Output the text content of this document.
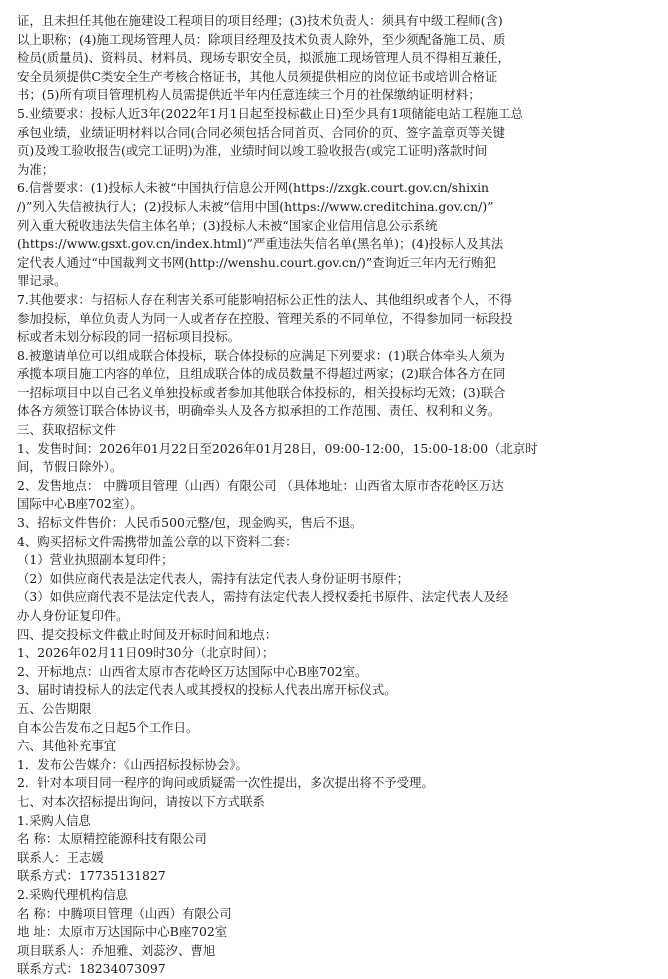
证，且未担任其他在施建设工程项目的项目经理；(3)技术负责人：须具有中级工程师(含)
以上职称；(4)施工现场管理人员：除项目经理及技术负责人除外，至少须配备施工员、质
检员(质量员)、资料员、材料员、现场专职安全员，拟派施工现场管理人员不得相互兼任，
安全员须提供C类安全生产考核合格证书，其他人员须提供相应的岗位证书或培训合格证
书；(5)所有项目管理机构人员需提供近半年内任意连续三个月的社保缴纳证明材料；
5.业绩要求：投标人近3年(2022年1月1日起至投标截止日)至少具有1项储能电站工程施工总
承包业绩，业绩证明材料以合同(合同必须包括合同首页、合同价的页、签字盖章页等关键
页)及竣工验收报告(或完工证明)为准，业绩时间以竣工验收报告(或完工证明)落款时间
为准；
6.信誉要求：(1)投标人未被“中国执行信息公开网(https://zxgk.court.gov.cn/shixin
/)”列入失信被执行人；(2)投标人未被“信用中国(https://www.creditchina.gov.cn/)”
列入重大税收违法失信主体名单；(3)投标人未被“国家企业信用信息公示系统
(https://www.gsxt.gov.cn/index.html)”严重违法失信名单(黑名单)；(4)投标人及其法
定代表人通过“中国裁判文书网(http://wenshu.court.gov.cn/)”查询近三年内无行贿犯
罪记录。
7.其他要求：与招标人存在利害关系可能影响招标公正性的法人、其他组织或者个人，不得
参加投标，单位负责人为同一人或者存在控股、管理关系的不同单位，不得参加同一标段投
标或者未划分标段的同一招标项目投标。
8.被邀请单位可以组成联合体投标，联合体投标的应满足下列要求：(1)联合体牵头人须为
承揽本项目施工内容的单位，且组成联合体的成员数量不得超过两家；(2)联合体各方在同
一招标项目中以自己名义单独投标或者参加其他联合体投标的，相关投标均无效；(3)联合
体各方须签订联合体协议书，明确牵头人及各方拟承担的工作范围、责任、权利和义务。
三、获取招标文件
1、发售时间：2026年01月22日至2026年01月28日，09:00-12:00，15:00-18:00（北京时
间，节假日除外）。
2、发售地点： 中腾项目管理（山西）有限公司 （具体地址：山西省太原市杏花岭区万达
国际中心B座702室）。
3、招标文件售价：人民币500元整/包，现金购买，售后不退。
4、购买招标文件需携带加盖公章的以下资料二套：
（1）营业执照副本复印件；
（2）如供应商代表是法定代表人，需持有法定代表人身份证明书原件；
（3）如供应商代表不是法定代表人，需持有法定代表人授权委托书原件、法定代表人及经
办人身份证复印件。
四、提交投标文件截止时间及开标时间和地点：
1、2026年02月11日09时30分（北京时间）；
2、开标地点：山西省太原市杏花岭区万达国际中心B座702室。
3、届时请投标人的法定代表人或其授权的投标人代表出席开标仪式。
五、公告期限
自本公告发布之日起5个工作日。
六、其他补充事宜
1．发布公告媒介：《山西招标投标协会》。
2．针对本项目同一程序的询问或质疑需一次性提出，多次提出将不予受理。
七、对本次招标提出询问，请按以下方式联系
1.采购人信息
名 称：太原精控能源科技有限公司
联系人：王志媛
联系方式：17735131827
2.采购代理机构信息
名 称：中腾项目管理（山西）有限公司
地 址：太原市万达国际中心B座702室
项目联系人：乔旭雅、刘蕊汐、曹旭
联系方式：18234073097
